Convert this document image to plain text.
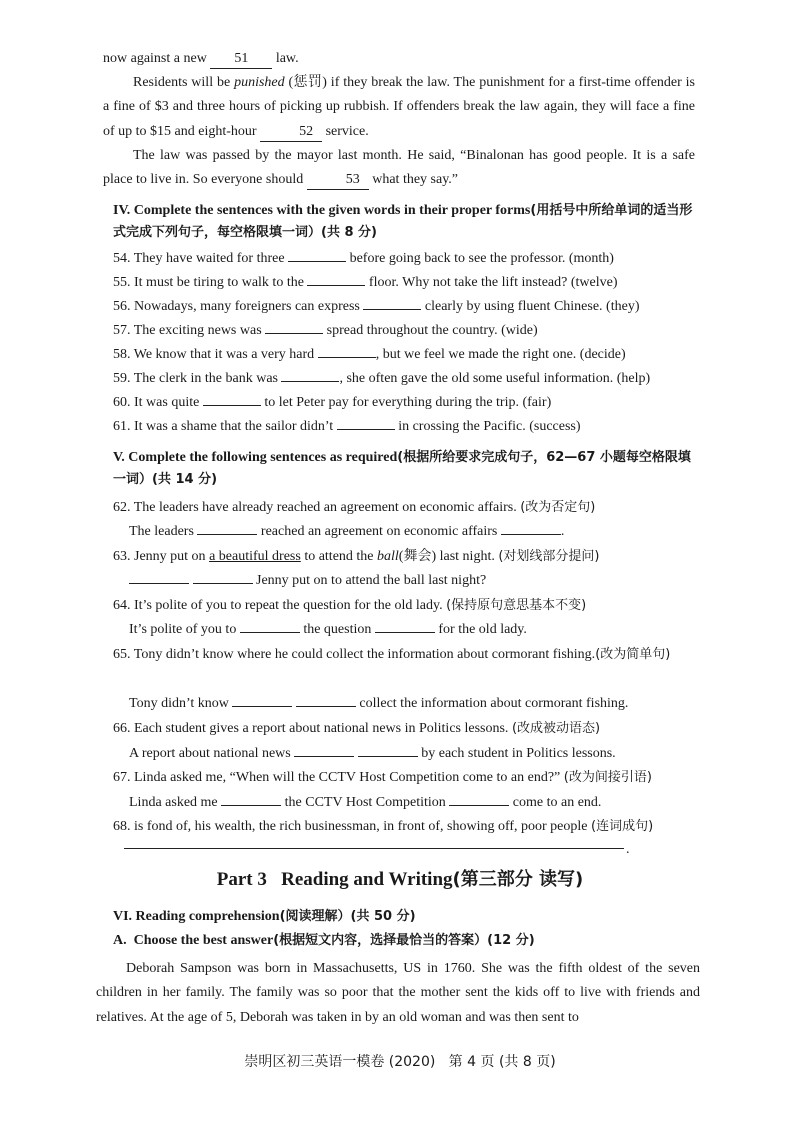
now against a new 51 law.
Residents will be punished (惩罚) if they break the law. The punishment for a first-time offender is a fine of $3 and three hours of picking up rubbish. If offenders break the law again, they will face a fine of up to $15 and eight-hour	52 service.
The law was passed by the mayor last month. He said, “Binalonan has good people. It is a safe place to live in. So everyone should	53 what they say.”
IV. Complete the sentences with the given words in their proper forms(用括号中所给单词的适当形式完成下列句子，每空格限填一词）(共 8 分)
54. They have waited for three	before going back to see the professor. (month)
55. It must be tiring to walk to the	floor. Why not take the lift instead? (twelve)
56. Nowadays, many foreigners can express	clearly by using fluent Chinese. (they)
57. The exciting news was	spread throughout the country. (wide)
58. We know that it was a very hard	, but we feel we made the right one. (decide)
59. The clerk in the bank was	, she often gave the old some useful information. (help)
60. It was quite	to let Peter pay for everything during the trip. (fair)
61. It was a shame that the sailor didn’t	in crossing the Pacific. (success)
V. Complete the following sentences as required(根据所给要求完成句子，62—67 小题每空格限填一词）(共 14 分)
62. The leaders have already reached an agreement on economic affairs. (改为否定句)
The leaders	reached an agreement on economic affairs	.
63. Jenny put on a beautiful dress to attend the ball(舞会) last night. (对划线部分提问)
Jenny put on to attend the ball last night?
64. It’s polite of you to repeat the question for the old lady. (保持原句意思基本不变)
It’s polite of you to	the question	for the old lady.
65. Tony didn’t know where he could collect the information about cormorant fishing.(改为简单句)
Tony didn’t know	collect the information about cormorant fishing.
66. Each student gives a report about national news in Politics lessons. (改成被动语态)
A report about national news	by each student in Politics lessons.
67. Linda asked me, “When will the CCTV Host Competition come to an end?” (改为间接引语)
Linda asked me	the CCTV Host Competition	come to an end.
68. is fond of, his wealth, the rich businessman, in front of, showing off, poor people (连词成句)
.
Part 3   Reading and Writing(第三部分 读写)
VI. Reading comprehension(阅读理解）(共 50 分)
A.  Choose the best answer(根据短文内容，选择最恰当的答案）(12 分)
Deborah Sampson was born in Massachusetts, US in 1760. She was the fifth oldest of the seven children in her family. The family was so poor that the mother sent the kids off to live with friends and relatives. At the age of 5, Deborah was taken in by an old woman and was then sent to
崇明区初三英语一模卷 (2020)   第 4 页 (共 8 页)
